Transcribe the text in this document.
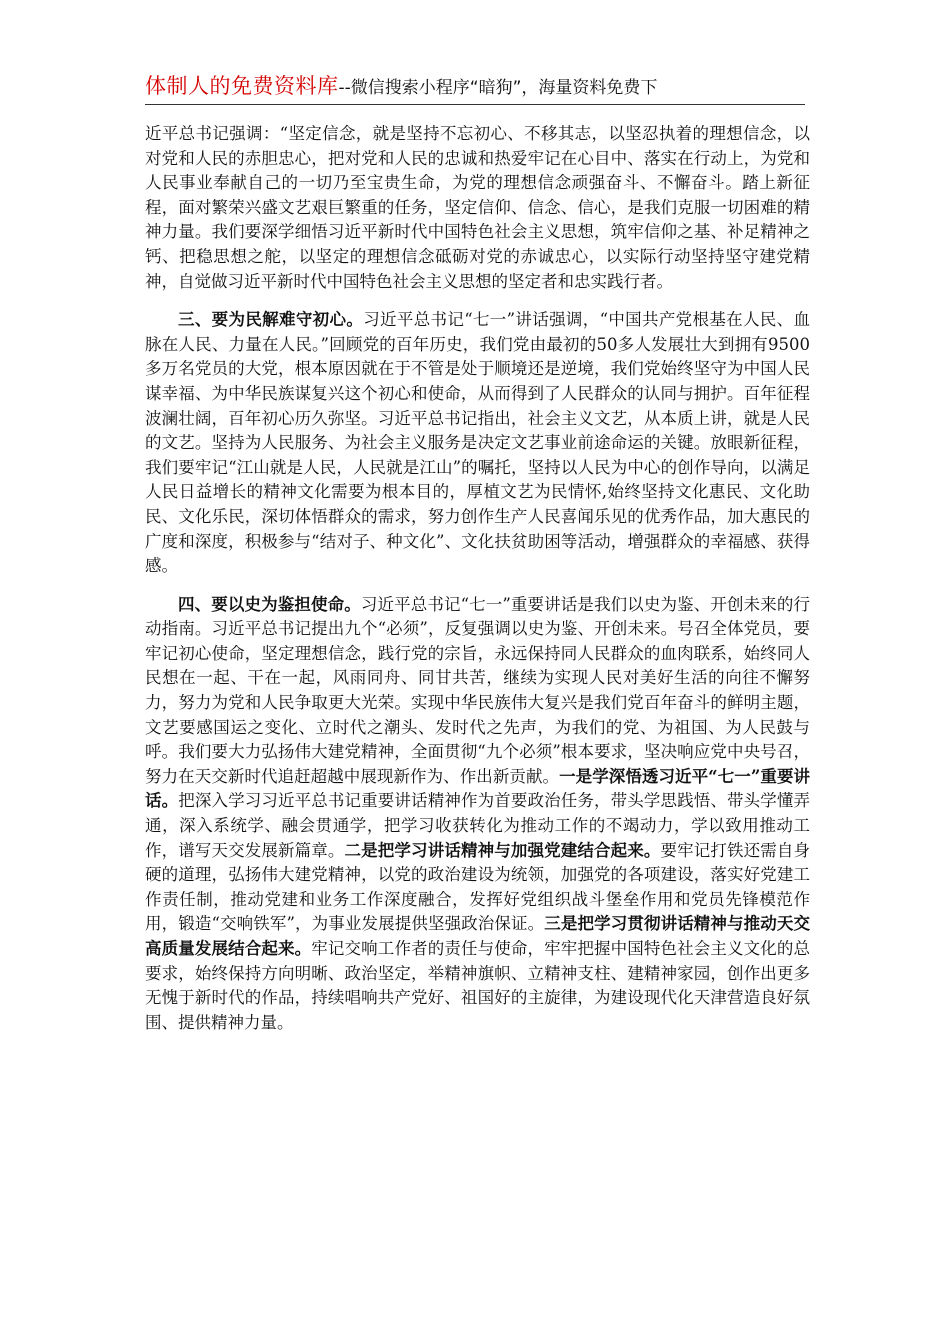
体制人的免费资料库--微信搜索小程序“暗狗”，海量资料免费下

近平总书记强调：“坚定信念，就是坚持不忘初心、不移其志，以坚忍执着的理想信念，以对党和人民的赤胆忠心，把对党和人民的忠诚和热爱牢记在心目中、落实在行动上，为党和人民事业奉献自己的一切乃至宝贵生命，为党的理想信念顽强奋斗、不懈奋斗。踏上新征程，面对繁荣兴盛文艺艰巨繁重的任务，坚定信仰、信念、信心，是我们克服一切困难的精神力量。我们要深学细悟习近平新时代中国特色社会主义思想，筑牢信仰之基、补足精神之钙、把稳思想之舵，以坚定的理想信念砥砺对党的赤诚忠心，以实际行动坚持坚守建党精神，自觉做习近平新时代中国特色社会主义思想的坚定者和忠实践行者。

三、要为民解难守初心。习近平总书记“七一”讲话强调，“中国共产党根基在人民、血脉在人民、力量在人民。”回顾党的百年历史，我们党由最初的50多人发展壮大到拥有9500多万名党员的大党，根本原因就在于不管是处于顺境还是逆境，我们党始终坚守为中国人民谋幸福、为中华民族谋复兴这个初心和使命，从而得到了人民群众的认同与拥护。百年征程波澜壮阔，百年初心历久弥坚。习近平总书记指出，社会主义文艺，从本质上讲，就是人民的文艺。坚持为人民服务、为社会主义服务是决定文艺事业前途命运的关键。放眼新征程，我们要牢记“江山就是人民，人民就是江山”的嘱托，坚持以人民为中心的创作导向，以满足人民日益增长的精神文化需要为根本目的，厚植文艺为民情怀,始终坚持文化惠民、文化助民、文化乐民，深切体悟群众的需求，努力创作生产人民喜闻乐见的优秀作品，加大惠民的广度和深度，积极参与“结对子、种文化”、文化扶贫助困等活动，增强群众的幸福感、获得感。

四、要以史为鉴担使命。习近平总书记“七一”重要讲话是我们以史为鉴、开创未来的行动指南。习近平总书记提出九个“必须”，反复强调以史为鉴、开创未来。号召全体党员，要牢记初心使命，坚定理想信念，践行党的宗旨，永远保持同人民群众的血肉联系，始终同人民想在一起、干在一起，风雨同舟、同甘共苦，继续为实现人民对美好生活的向往不懈努力，努力为党和人民争取更大光荣。实现中华民族伟大复兴是我们党百年奋斗的鲜明主题，文艺要感国运之变化、立时代之潮头、发时代之先声，为我们的党、为祖国、为人民鼓与呼。我们要大力弘扬伟大建党精神，全面贯彻“九个必须”根本要求，坚决响应党中央号召，努力在天交新时代追赶超越中展现新作为、作出新贡献。一是学深悟透习近平“七一”重要讲话。把深入学习习近平总书记重要讲话精神作为首要政治任务，带头学思践悟、带头学懂弄通，深入系统学、融会贯通学，把学习收获转化为推动工作的不竭动力，学以致用推动工作，谱写天交发展新篇章。二是把学习讲话精神与加强党建结合起来。要牢记打铁还需自身硬的道理，弘扬伟大建党精神，以党的政治建设为统领，加强党的各项建设，落实好党建工作责任制，推动党建和业务工作深度融合，发挥好党组织战斗堡垒作用和党员先锋模范作用，锻造“交响铁军”，为事业发展提供坚强政治保证。三是把学习贯彻讲话精神与推动天交高质量发展结合起来。牢记交响工作者的责任与使命，牢牢把握中国特色社会主义文化的总要求，始终保持方向明晰、政治坚定，举精神旗帜、立精神支柱、建精神家园，创作出更多无愧于新时代的作品，持续唱响共产党好、祖国好的主旋律，为建设现代化天津营造良好氛围、提供精神力量。
